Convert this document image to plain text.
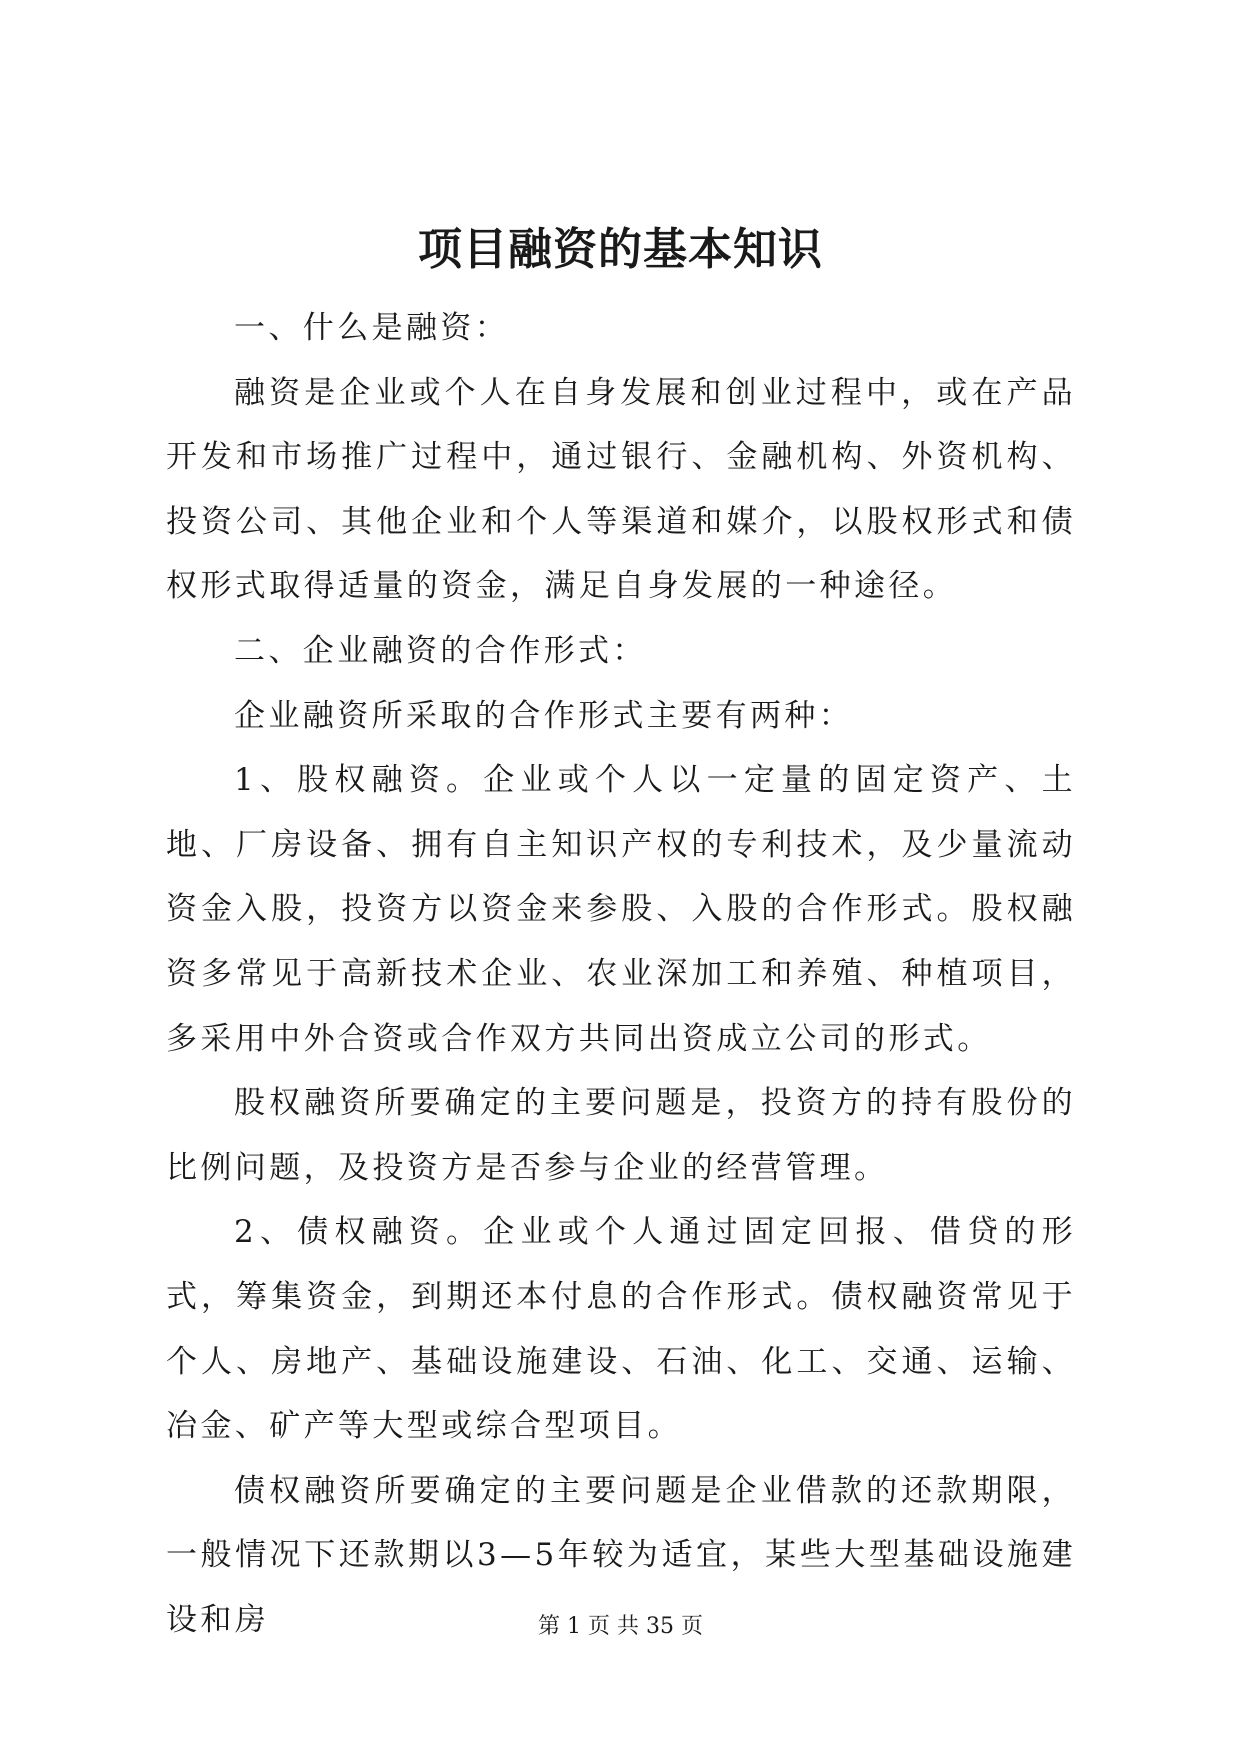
项目融资的基本知识

一、什么是融资：

融资是企业或个人在自身发展和创业过程中，或在产品开发和市场推广过程中，通过银行、金融机构、外资机构、投资公司、其他企业和个人等渠道和媒介，以股权形式和债权形式取得适量的资金，满足自身发展的一种途径。

二、企业融资的合作形式：

企业融资所采取的合作形式主要有两种：

1、股权融资。企业或个人以一定量的固定资产、土地、厂房设备、拥有自主知识产权的专利技术，及少量流动资金入股，投资方以资金来参股、入股的合作形式。股权融资多常见于高新技术企业、农业深加工和养殖、种植项目，多采用中外合资或合作双方共同出资成立公司的形式。

股权融资所要确定的主要问题是，投资方的持有股份的比例问题，及投资方是否参与企业的经营管理。

2、债权融资。企业或个人通过固定回报、借贷的形式，筹集资金，到期还本付息的合作形式。债权融资常见于个人、房地产、基础设施建设、石油、化工、交通、运输、冶金、矿产等大型或综合型项目。

债权融资所要确定的主要问题是企业借款的还款期限，一般情况下还款期以3—5年较为适宜，某些大型基础设施建设和房	第 1 页 共 35 页
